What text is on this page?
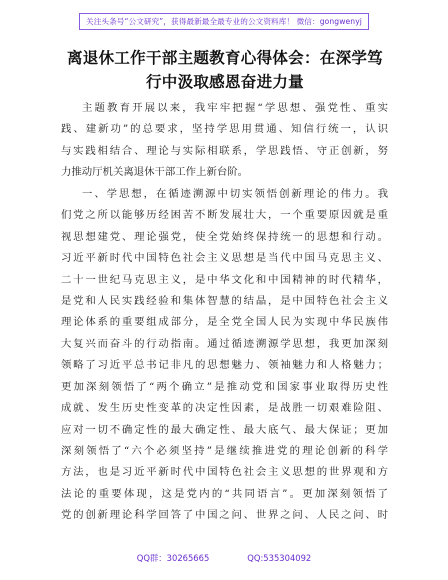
关注头条号“公文研究”，获得最新最全最专业的公文资料库！ 微信：gongwenyj
离退休工作干部主题教育心得体会：在深学笃
行中汲取感恩奋进力量
主题教育开展以来，我牢牢把握“学思想、强党性、重实
践、建新功”的总要求，坚持学思用贯通、知信行统一，认识
与实践相结合、理论与实际相联系，学思践悟、守正创新，努
力推动厅机关离退休干部工作上新台阶。
一、学思想，在循迹溯源中切实领悟创新理论的伟力。我
们党之所以能够历经困苦不断发展壮大，一个重要原因就是重
视思想建党、理论强党，使全党始终保持统一的思想和行动。
习近平新时代中国特色社会主义思想是当代中国马克思主义、
二十一世纪马克思主义，是中华文化和中国精神的时代精华，
是党和人民实践经验和集体智慧的结晶，是中国特色社会主义
理论体系的重要组成部分，是全党全国人民为实现中华民族伟
大复兴而奋斗的行动指南。通过循迹溯源学思想，我更加深刻
领略了习近平总书记非凡的思想魅力、领袖魅力和人格魅力；
更加深刻领悟了“两个确立”是推动党和国家事业取得历史性
成就、发生历史性变革的决定性因素，是战胜一切艰难险阻、
应对一切不确定性的最大确定性、最大底气、最大保证；更加
深刻领悟了“六个必须坚持”是继续推进党的理论创新的科学
方法，也是习近平新时代中国特色社会主义思想的世界观和方
法论的重要体现，这是党内的“共同语言”。更加深刻领悟了
党的创新理论科学回答了中国之问、世界之问、人民之问、时
QQ群：30265665	QQ:535304092
